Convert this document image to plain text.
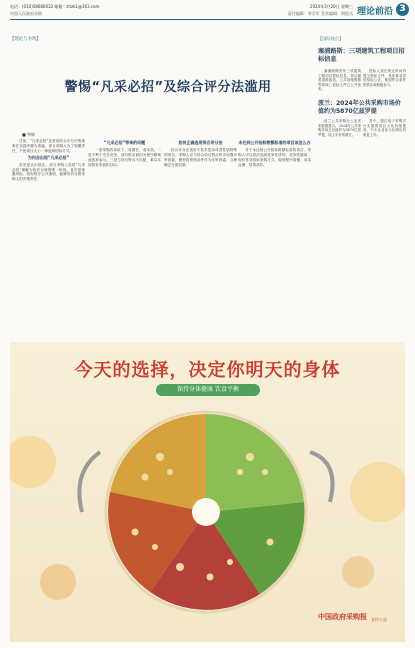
电话：(010)58680032 邮箱：zhzk1@163.com
中国人民政府采购
2024年3月20日 星期三
责任编辑：李学军 美术编辑：明俊丞 理论前沿 3
【理论与争鸣】
警惕“凡采必招”及综合评分法滥用
■ 李辉

目前，“凡采必招”及采用综合评分法的现象在实践中颇为普遍，部分采购人为了规避责任，不论项目大小一律选择招标方式。

为何会出现“凡采必招”

首先是认识误区。部分采购人误将“凡采必招”理解为依法合规的唯一体现。其次是规避风险，招标程序公开透明，能够有效分散采购人的决策责任。

“凡采必招”带来的问题

一是采购效率低下，周期长、成本高。二是不利于充分竞争，部分供应商因为程序繁琐而放弃参与。三是与项目特点不匹配，难以实现物有所值的目标。

如何正确选用综合评分法

综合评分法适用于技术复杂或者性质特殊的项目，采购人应当结合项目特点科学设置评审因素，避免将资格条件作为评审因素，合理确定分值权重。

未达到公开招标数额标准的项目该怎么办

对于未达到公开招标数额标准的项目，采购人可以依法选择竞争性谈判、竞争性磋商、询价等非招标采购方式，做到程序简便、成本合理、结果高效。

【国际视点】
塞浦路斯：三项建筑工程项目招标信息

塞浦路斯发布三项建筑工程项目招标信息，项目涵盖道路改造、公共设施维修等领域，招标文件已公开发布。

投标人须在规定时间内提交投标文件，具体要求详见招标公告，欢迎符合条件的供应商积极参与。

波兰：2024年公共采购市场价值约为5870亿兹罗提

波兰公共采购办公室发布数据显示，2024年公共采购市场总价值约为5870亿兹罗提，较上年有所增长。

其中，通过电子采购平台实施的项目占比持续提高，中小企业参与比例也有明显上升。

今天的选择，决定你明天的身体
保持身体健康 饮食平衡
中国政府采购报 宣传公益
